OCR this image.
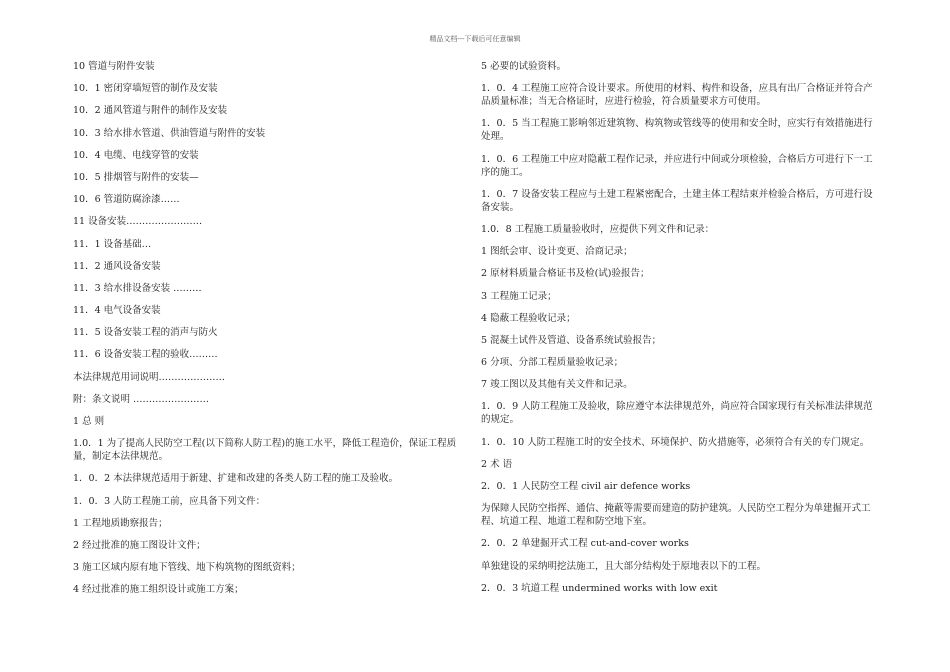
精品文档---下载后可任意编辑
10 管道与附件安装
10．1 密闭穿墙短管的制作及安装
10．2 通风管道与附件的制作及安装
10．3 给水排水管道、供油管道与附件的安装
10．4 电缆、电线穿管的安装
10．5 排烟管与附件的安装—
10．6 管道防腐涂漆……
11 设备安装……………………
11．1 设备基础…
11．2 通风设备安装
11．3 给水排设备安装 ………
11．4 电气设备安装
11．5 设备安装工程的消声与防火
11．6 设备安装工程的验收………
本法律规范用词说明…………………
附：条文说明 ……………………
1 总 则
1.0．1 为了提高人民防空工程(以下简称人防工程)的施工水平，降低工程造价，保证工程质量，制定本法律规范。
1．0．2 本法律规范适用于新建、扩建和改建的各类人防工程的施工及验收。
1．0．3 人防工程施工前，应具备下列文件：
1 工程地质勘察报告；
2 经过批准的施工图设计文件；
3 施工区域内原有地下管线、地下构筑物的图纸资料；
4 经过批准的施工组织设计或施工方案；
5 必要的试验资料。
1．0．4 工程施工应符合设计要求。所使用的材料、构件和设备，应具有出厂合格证并符合产品质量标准；当无合格证时，应进行检验，符合质量要求方可使用。
1．0．5 当工程施工影响邻近建筑物、构筑物或管线等的使用和安全时，应实行有效措施进行处理。
1．0．6 工程施工中应对隐蔽工程作记录，并应进行中间或分项检验，合格后方可进行下一工序的施工。
1．0．7 设备安装工程应与土建工程紧密配合，土建主体工程结束并检验合格后，方可进行设备安装。
1.0．8 工程施工质量验收时，应提供下列文件和记录：
1 图纸会审、设计变更、洽商记录；
2 原材料质量合格证书及检(试)验报告；
3 工程施工记录；
4 隐蔽工程验收记录；
5 混凝土试件及管道、设备系统试验报告；
6 分项、分部工程质量验收记录；
7 竣工图以及其他有关文件和记录。
1．0．9 人防工程施工及验收，除应遵守本法律规范外，尚应符合国家现行有关标准法律规范的规定。
1．0．10 人防工程施工时的安全技术、环境保护、防火措施等，必须符合有关的专门规定。
2 术 语
2．0．1 人民防空工程 civil air defence works
为保障人民防空指挥、通信、掩蔽等需要而建造的防护建筑。人民防空工程分为单建掘开式工程、坑道工程、地道工程和防空地下室。
2．0．2 单建掘开式工程 cut-and-cover works
单独建设的采纳明挖法施工，且大部分结构处于原地表以下的工程。
2．0．3 坑道工程 undermined works with low exit
